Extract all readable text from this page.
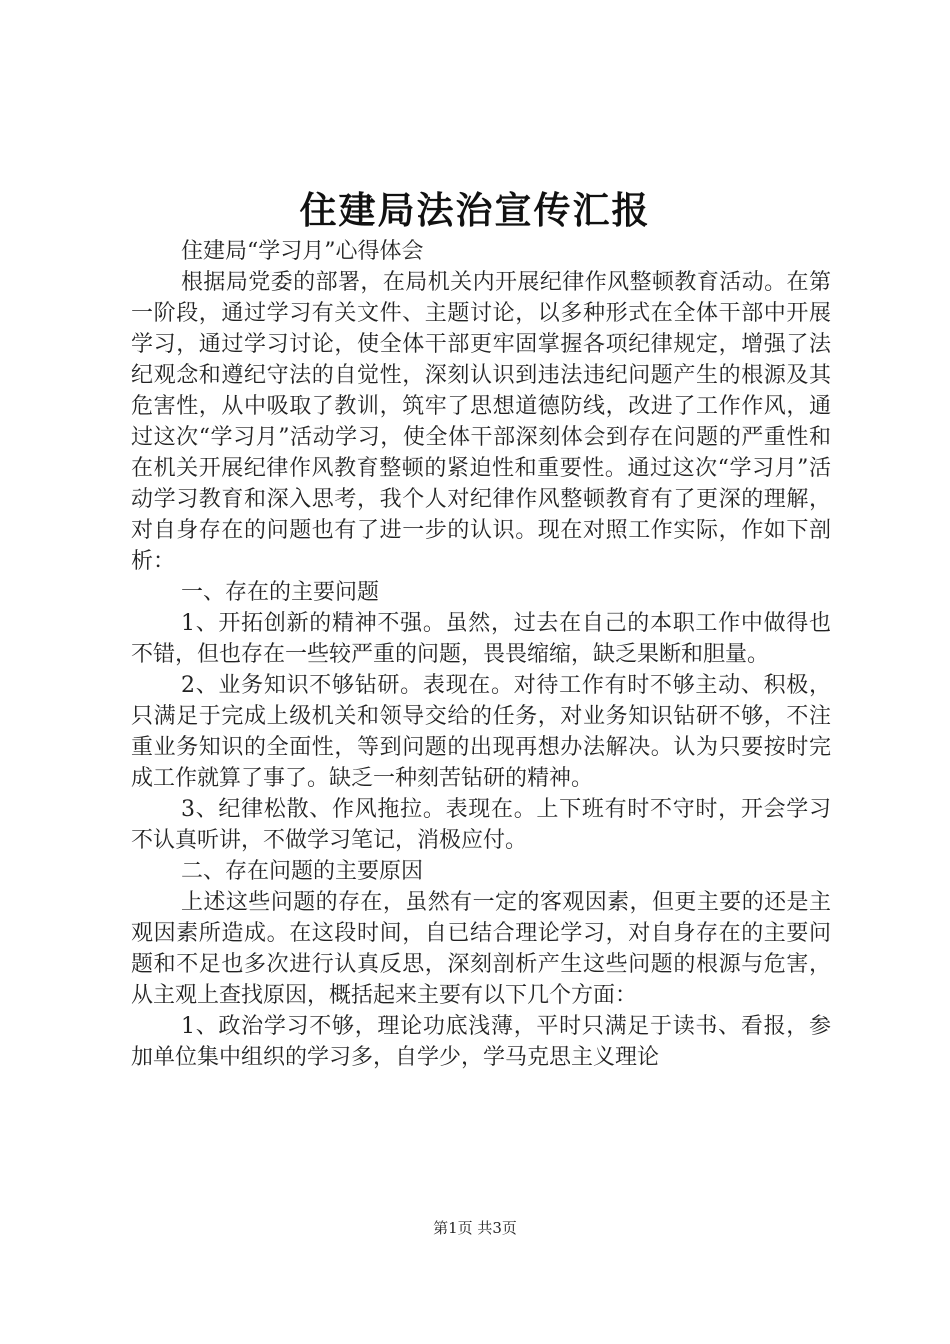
住建局法治宣传汇报

住建局“学习月”心得体会

根据局党委的部署，在局机关内开展纪律作风整顿教育活动。在第一阶段，通过学习有关文件、主题讨论，以多种形式在全体干部中开展学习，通过学习讨论，使全体干部更牢固掌握各项纪律规定，增强了法纪观念和遵纪守法的自觉性，深刻认识到违法违纪问题产生的根源及其危害性，从中吸取了教训，筑牢了思想道德防线，改进了工作作风，通过这次“学习月”活动学习，使全体干部深刻体会到存在问题的严重性和在机关开展纪律作风教育整顿的紧迫性和重要性。通过这次“学习月”活动学习教育和深入思考，我个人对纪律作风整顿教育有了更深的理解，对自身存在的问题也有了进一步的认识。现在对照工作实际，作如下剖析：

一、存在的主要问题

1、开拓创新的精神不强。虽然，过去在自己的本职工作中做得也不错，但也存在一些较严重的问题，畏畏缩缩，缺乏果断和胆量。

2、业务知识不够钻研。表现在。对待工作有时不够主动、积极，只满足于完成上级机关和领导交给的任务，对业务知识钻研不够，不注重业务知识的全面性，等到问题的出现再想办法解决。认为只要按时完成工作就算了事了。缺乏一种刻苦钻研的精神。

3、纪律松散、作风拖拉。表现在。上下班有时不守时，开会学习不认真听讲，不做学习笔记，消极应付。

二、存在问题的主要原因

上述这些问题的存在，虽然有一定的客观因素，但更主要的还是主观因素所造成。在这段时间，自已结合理论学习，对自身存在的主要问题和不足也多次进行认真反思，深刻剖析产生这些问题的根源与危害，从主观上查找原因，概括起来主要有以下几个方面：

1、政治学习不够，理论功底浅薄，平时只满足于读书、看报，参加单位集中组织的学习多，自学少，学马克思主义理论

第1页 共3页
